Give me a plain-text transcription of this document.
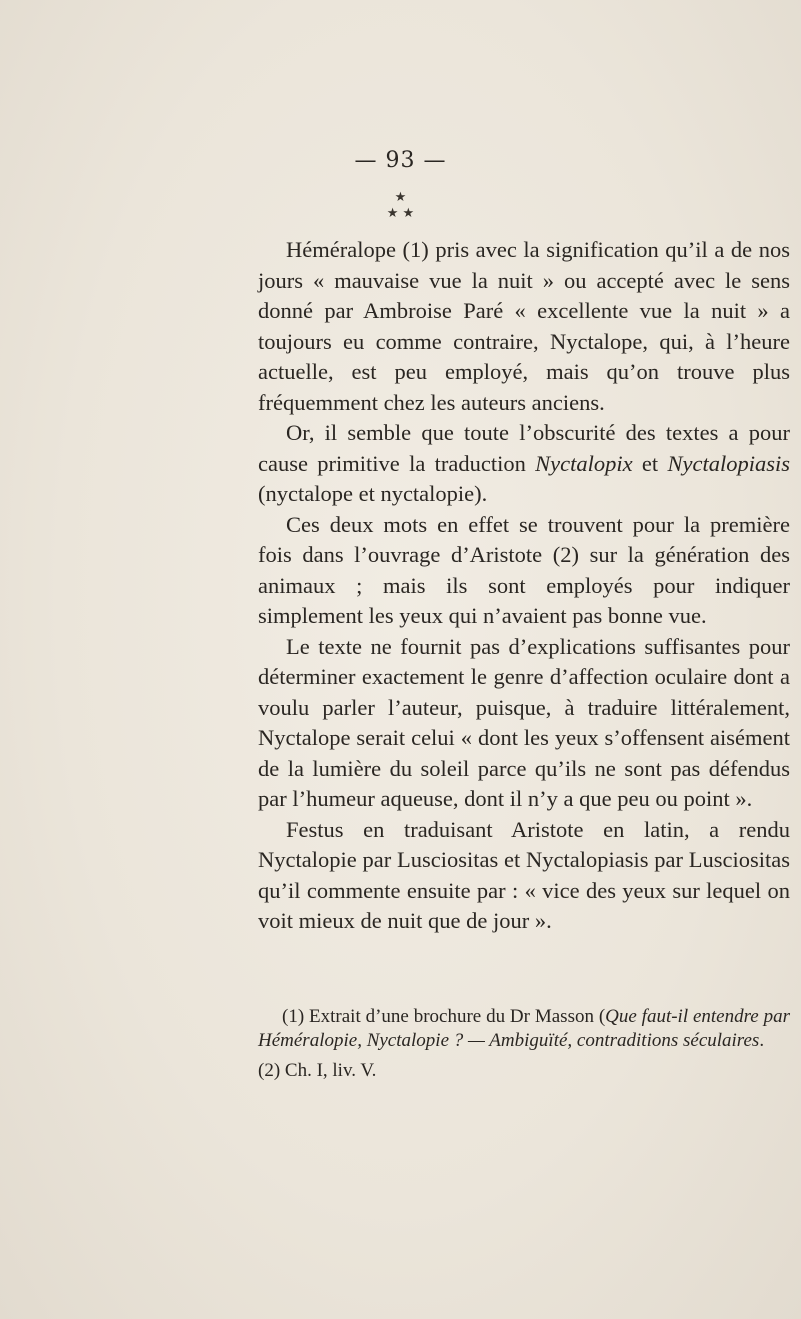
— 93 —
★
★ ★

Héméralope (1) pris avec la signification qu’il a de nos jours « mauvaise vue la nuit » ou accepté avec le sens donné par Ambroise Paré « excellente vue la nuit » a toujours eu comme contraire, Nyctalope, qui, à l’heure actuelle, est peu employé, mais qu’on trouve plus fréquemment chez les auteurs anciens.

Or, il semble que toute l’obscurité des textes a pour cause primitive la traduction Nyctalopix et Nyctalopiasis (nyctalope et nyctalopie).

Ces deux mots en effet se trouvent pour la première fois dans l’ouvrage d’Aristote (2) sur la génération des animaux ; mais ils sont employés pour indiquer simplement les yeux qui n’avaient pas bonne vue.

Le texte ne fournit pas d’explications suffisantes pour déterminer exactement le genre d’affection oculaire dont a voulu parler l’auteur, puisque, à traduire littéralement, Nyctalope serait celui « dont les yeux s’offensent aisément de la lumière du soleil parce qu’ils ne sont pas défendus par l’humeur aqueuse, dont il n’y a que peu ou point ».

Festus en traduisant Aristote en latin, a rendu Nyctalopie par Lusciositas et Nyctalopiasis par Lusciositas qu’il commente ensuite par : « vice des yeux sur lequel on voit mieux de nuit que de jour ».

(1) Extrait d’une brochure du Dr Masson (Que faut-il entendre par Héméralopie, Nyctalopie ? — Ambiguïté, contraditions séculaires.

(2) Ch. I, liv. V.
